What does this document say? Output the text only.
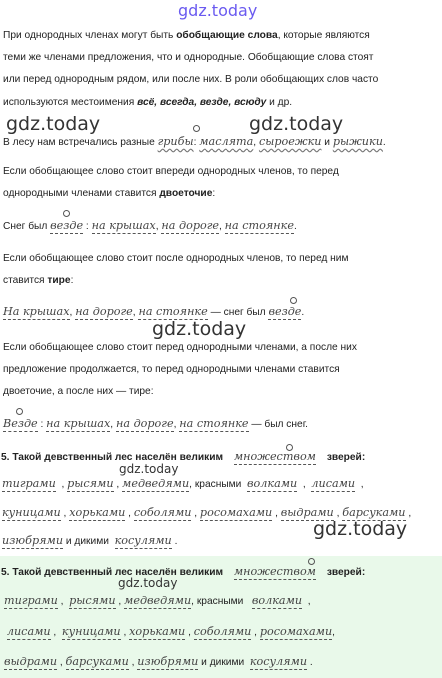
gdz.today
При однородных членах могут быть обобщающие слова, которые являются
теми же членами предложения, что и однородные. Обобщающие слова стоят
или перед однородным рядом, или после них. В роли обобщающих слов часто
используются местоимения всё, всегда, везде, всюду и др.
gdz.today	gdz.today
В лесу нам встречались разные грибы: маслята, сыроежки и рыжики.
Если обобщающее слово стоит впереди однородных членов, то перед
однородными членами ставится двоеточие:
Снег был везде : на крышах, на дороге, на стоянке.
Если обобщающее слово стоит после однородных членов, то перед ним
ставится тире:
На крышах, на дороге, на стоянке — снег был везде.
gdz.today
Если обобщающее слово стоит перед однородными членами, а после них
предложение продолжается, то перед однородными членами ставится
двоеточие, а после них — тире:
Везде : на крышах, на дороге, на стоянке — был снег.
5. Такой девственный лес населён великим множеством зверей:
gdz.today
тиграми  , рысями , медведями, красными волками  ,  лисами  ,
куницами , хорьками , соболями , росомахами , выдрами , барсуками ,
gdz.today
изюбрями и дикими косулями .
5. Такой девственный лес населён великим множеством зверей:
gdz.today
тиграми ,  рысями , медведями, красными волками  ,
лисами ,  куницами , хорьками , соболями , росомахами,
выдрами , барсуками , изюбрями и дикими косулями .
